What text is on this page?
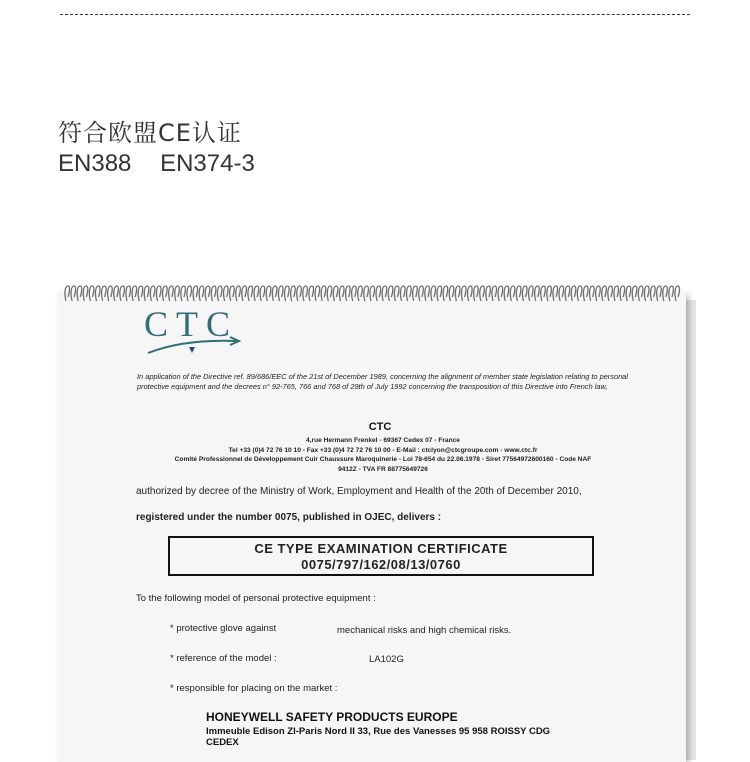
符合欧盟CE认证
EN388 EN374-3
CTC
In application of the Directive ref. 89/686/EEC of the 21st of December 1989, concerning the alignment of member state legislation relating to personal protective equipment and the decrees n° 92-765, 766 and 768 of 29th of July 1992 concerning the transposition of this Directive into French law,
CTC
4,rue Hermann Frenkel - 69367 Cedex 07 - France
Tel +33 (0)4 72 76 10 10 - Fax +33 (0)4 72 72 76 10 00 - E-Mail : ctclyon@ctcgroupe.com - www.ctc.fr
Comité Professionnel de Développement Cuir Chaussure Maroquinerie - Loi 78-654 du 22.06.1978 - Siret 77564972600160 - Code NAF
9412Z - TVA FR 88775649726
authorized by decree of the Ministry of Work, Employment and Health of the 20th of December 2010,
registered under the number 0075, published in OJEC, delivers :
CE TYPE EXAMINATION CERTIFICATE
0075/797/162/08/13/0760
To the following model of personal protective equipment :
* protective glove against	mechanical risks and high chemical risks.
* reference of the model :	LA102G
* responsible for placing on the market :
HONEYWELL SAFETY PRODUCTS EUROPE
Immeuble Edison ZI-Paris Nord II 33, Rue des Vanesses 95 958 ROISSY CDG
CEDEX
